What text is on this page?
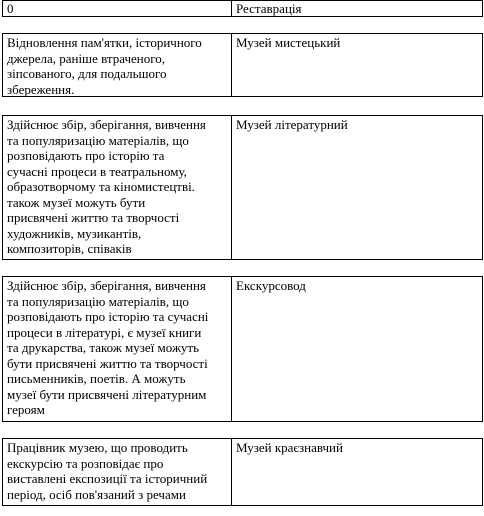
0	Реставрація
Відновлення пам'ятки, історичного
джерела, раніше втраченого,
зіпсованого, для подальшого
збереження.
Музей мистецький
Здійснює збір, зберігання, вивчення
та популяризацію матеріалів, що
розповідають про історію та
сучасні процеси в театральному,
образотворчому та кіномистецтві.
також музеї можуть бути
присвячені життю та творчості
художників, музикантів,
композиторів, співаків
Музей літературний
Здійснює збір, зберігання, вивчення
та популяризацію матеріалів, що
розповідають про історію та сучасні
процеси в літературі, є музеї книги
та друкарства, також музеї можуть
бути присвячені життю та творчості
письменників, поетів. А можуть
музеї бути присвячені літературним
героям
Екскурсовод
Працівник музею, що проводить
екскурсію та розповідає про
виставлені експозиції та історичний
період, осіб пов'язаний з речами
Музей краєзнавчий
